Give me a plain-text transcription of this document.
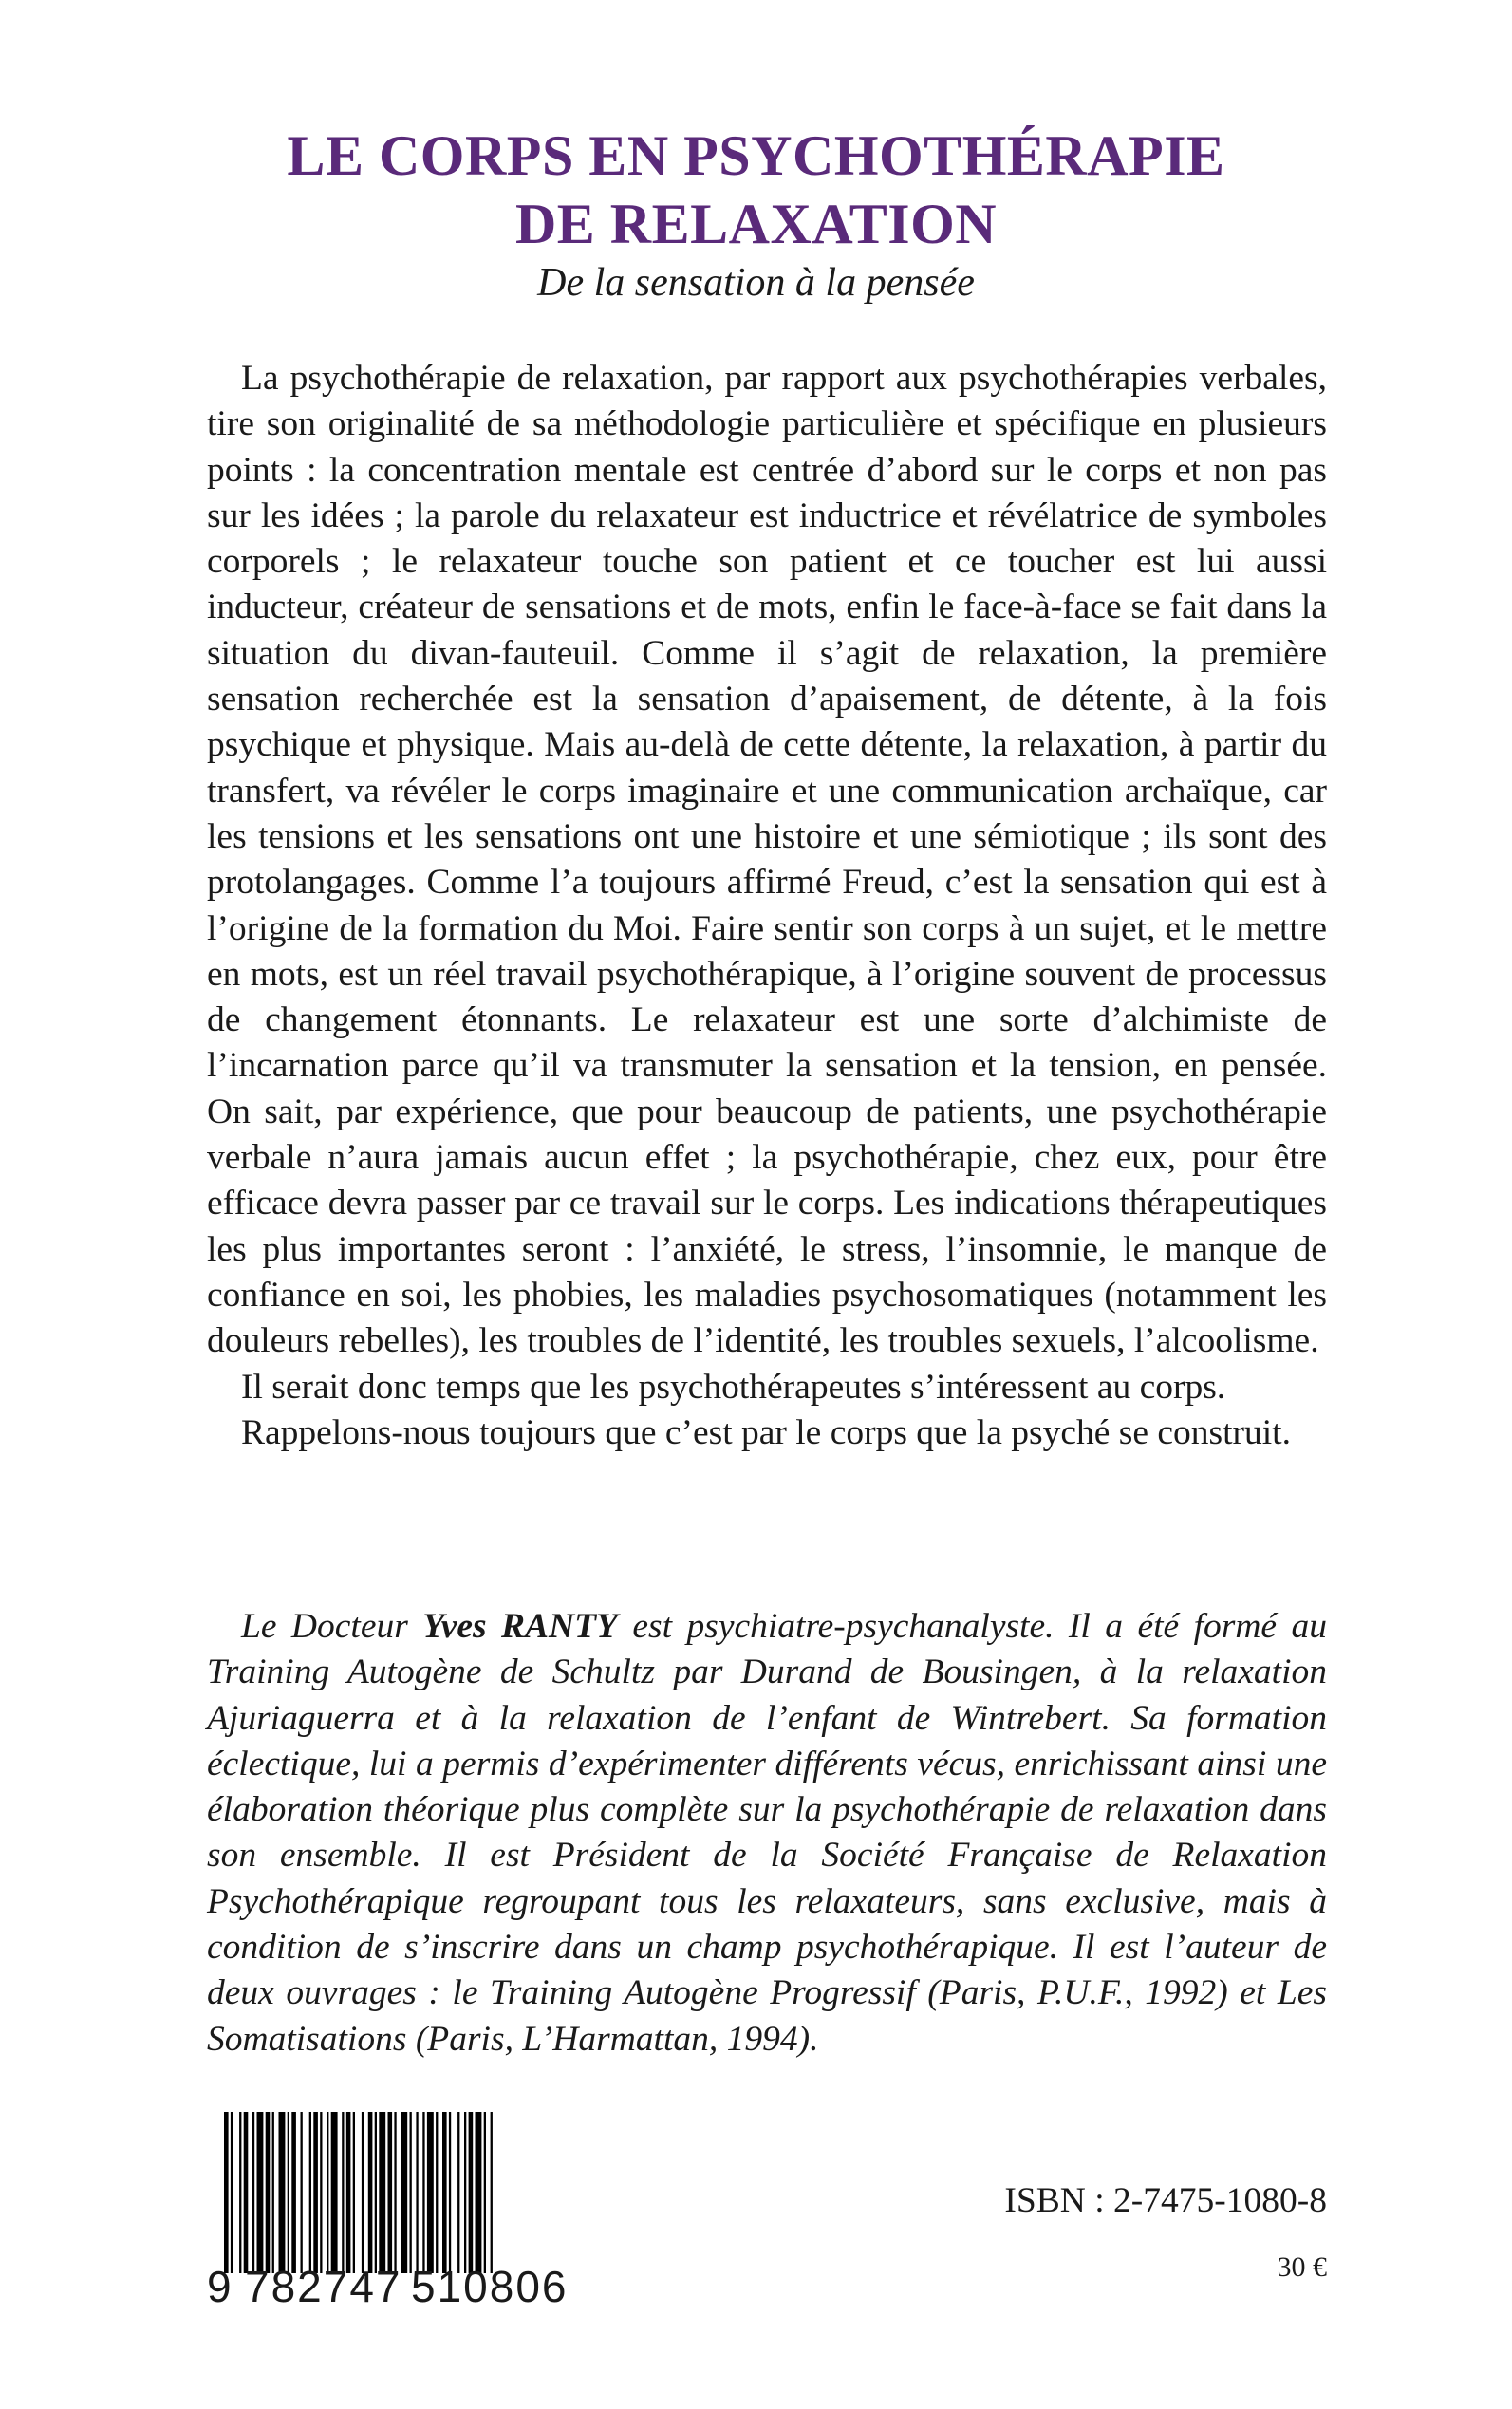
LE CORPS EN PSYCHOTHÉRAPIE
DE RELAXATION
De la sensation à la pensée

La psychothérapie de relaxation, par rapport aux psychothérapies verbales, tire son originalité de sa méthodologie particulière et spécifique en plusieurs points : la concentration mentale est centrée d’abord sur le corps et non pas sur les idées ; la parole du relaxateur est inductrice et révélatrice de symboles corporels ; le relaxateur touche son patient et ce toucher est lui aussi inducteur, créateur de sensations et de mots, enfin le face-à-face se fait dans la situation du divan-fauteuil. Comme il s’agit de relaxation, la première sensation recherchée est la sensation d’apaisement, de détente, à la fois psychique et physique. Mais au-delà de cette détente, la relaxation, à partir du transfert, va révéler le corps imaginaire et une communication archaïque, car les tensions et les sensations ont une histoire et une sémiotique ; ils sont des protolangages. Comme l’a toujours affirmé Freud, c’est la sensation qui est à l’origine de la formation du Moi. Faire sentir son corps à un sujet, et le mettre en mots, est un réel travail psychothérapique, à l’origine souvent de processus de changement étonnants. Le relaxateur est une sorte d’alchimiste de l’incarnation parce qu’il va transmuter la sensation et la tension, en pensée. On sait, par expérience, que pour beaucoup de patients, une psychothérapie verbale n’aura jamais aucun effet ; la psychothérapie, chez eux, pour être efficace devra passer par ce travail sur le corps. Les indications thérapeutiques les plus importantes seront : l’anxiété, le stress, l’insomnie, le manque de confiance en soi, les phobies, les maladies psychosomatiques (notamment les douleurs rebelles), les troubles de l’identité, les troubles sexuels, l’alcoolisme.

Il serait donc temps que les psychothérapeutes s’intéressent au corps.

Rappelons-nous toujours que c’est par le corps que la psyché se construit.

Le Docteur Yves RANTY est psychiatre-psychanalyste. Il a été formé au Training Autogène de Schultz par Durand de Bousingen, à la relaxation Ajuriaguerra et à la relaxation de l’enfant de Wintrebert. Sa formation éclectique, lui a permis d’expérimenter différents vécus, enrichissant ainsi une élaboration théorique plus complète sur la psychothérapie de relaxation dans son ensemble. Il est Président de la Société Française de Relaxation Psychothérapique regroupant tous les relaxateurs, sans exclusive, mais à condition de s’inscrire dans un champ psychothérapique. Il est l’auteur de deux ouvrages : le Training Autogène Progressif (Paris, P.U.F., 1992) et Les Somatisations (Paris, L’Harmattan, 1994).

9 782747 510806
ISBN : 2-7475-1080-8
30 €
